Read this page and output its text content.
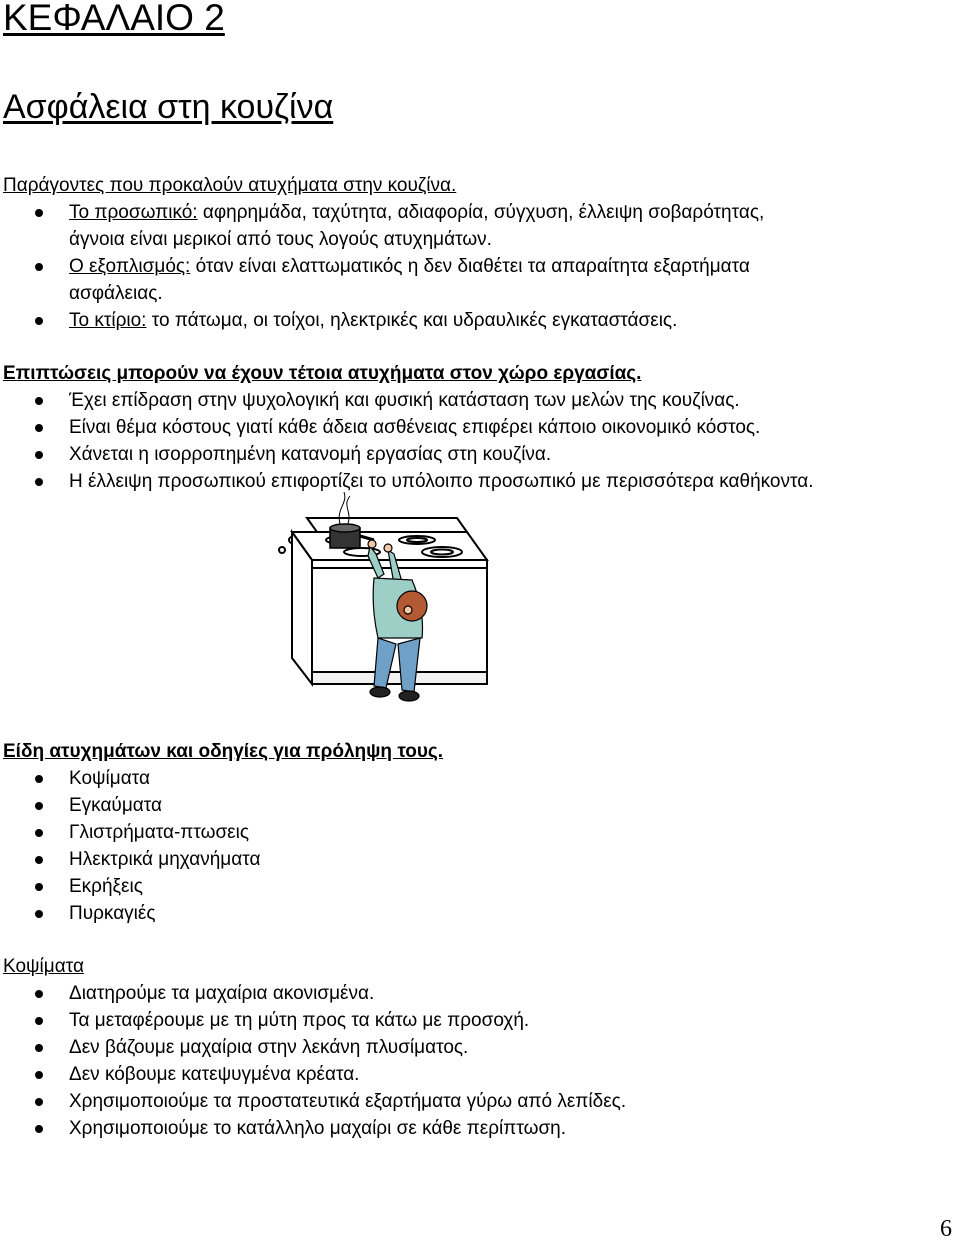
ΚΕΦΑΛΑΙΟ 2
Ασφάλεια στη κουζίνα
Παράγοντες που προκαλούν ατυχήματα στην κουζίνα.
Το προσωπικό: αφηρημάδα, ταχύτητα, αδιαφορία, σύγχυση, έλλειψη σοβαρότητας,
άγνοια είναι μερικοί από τους λογούς ατυχημάτων.
Ο εξοπλισμός: όταν είναι ελαττωματικός η δεν διαθέτει τα απαραίτητα εξαρτήματα
ασφάλειας.
Το κτίριο: το πάτωμα, οι τοίχοι, ηλεκτρικές και υδραυλικές εγκαταστάσεις.
Επιπτώσεις μπορούν να έχουν τέτοια ατυχήματα στον χώρο εργασίας.
Έχει επίδραση στην ψυχολογική και φυσική κατάσταση των μελών της κουζίνας.
Είναι θέμα κόστους γιατί κάθε άδεια ασθένειας επιφέρει κάποιο οικονομικό κόστος.
Χάνεται η ισορροπημένη κατανομή εργασίας στη κουζίνα.
Η έλλειψη προσωπικού επιφορτίζει το υπόλοιπο προσωπικό με περισσότερα καθήκοντα.
Είδη ατυχημάτων και οδηγίες για πρόληψη τους.
Κοψίματα
Εγκαύματα
Γλιστρήματα-πτωσεις
Ηλεκτρικά μηχανήματα
Εκρήξεις
Πυρκαγιές
Κοψίματα
Διατηρούμε τα μαχαίρια ακονισμένα.
Τα μεταφέρουμε με τη μύτη προς τα κάτω με προσοχή.
Δεν βάζουμε μαχαίρια στην λεκάνη πλυσίματος.
Δεν κόβουμε κατεψυγμένα κρέατα.
Χρησιμοποιούμε τα προστατευτικά εξαρτήματα γύρω από λεπίδες.
Χρησιμοποιούμε το κατάλληλο μαχαίρι σε κάθε περίπτωση.
6
